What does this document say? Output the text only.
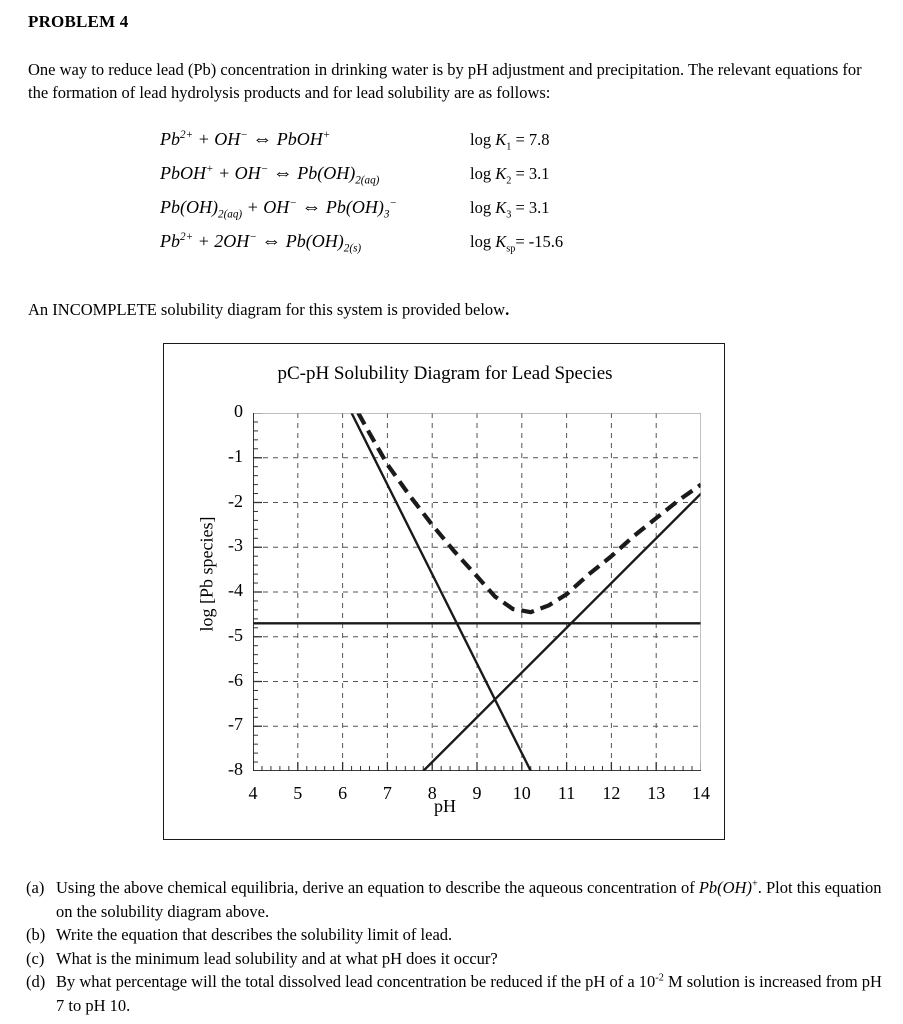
PROBLEM 4
One way to reduce lead (Pb) concentration in drinking water is by pH adjustment and precipitation. The relevant equations for the formation of lead hydrolysis products and for lead solubility are as follows:
$Pb^{2+} + OH^-$ ⇔ PbOH+	$\log K_1 = 7.8$
PbOH+ + OH− ⇔ $Pb(OH)_{2(aq)}$	$\log K_2 = 3.1$
$Pb(OH)_{2(aq)} + OH^-$ ⇔ $Pb(OH)_3^-$	$\log K_3 = 3.1$
$Pb^{2+} + 2OH^-$ ⇔ $Pb(OH)_{2(s)}$	$\log K_{sp}= -15.6$
An INCOMPLETE solubility diagram for this system is provided below.
pC-pH Solubility Diagram for Lead Species
log [Pb species]
0
-1
-2
-3
-4
-5
-6
-7
-8
4	5	6	7	8	9	10	11	12	13	14
pH
(a) Using the above chemical equilibria, derive an equation to describe the aqueous concentration of Pb(OH)+. Plot this equation on the solubility diagram above.
(b) Write the equation that describes the solubility limit of lead.
(c) What is the minimum lead solubility and at what pH does it occur?
(d) By what percentage will the total dissolved lead concentration be reduced if the pH of a $10^{-2}$ M solution is increased from pH 7 to pH 10.
